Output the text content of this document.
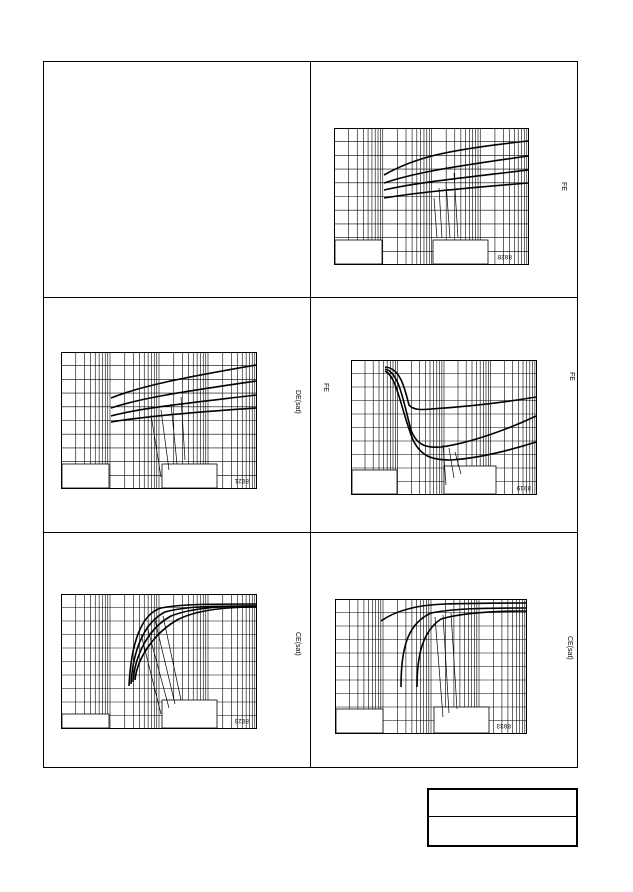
8028
FE
8021
DE(sat)
8019
FE
FE
8023
CE(sat)
8033
CE(sat)
